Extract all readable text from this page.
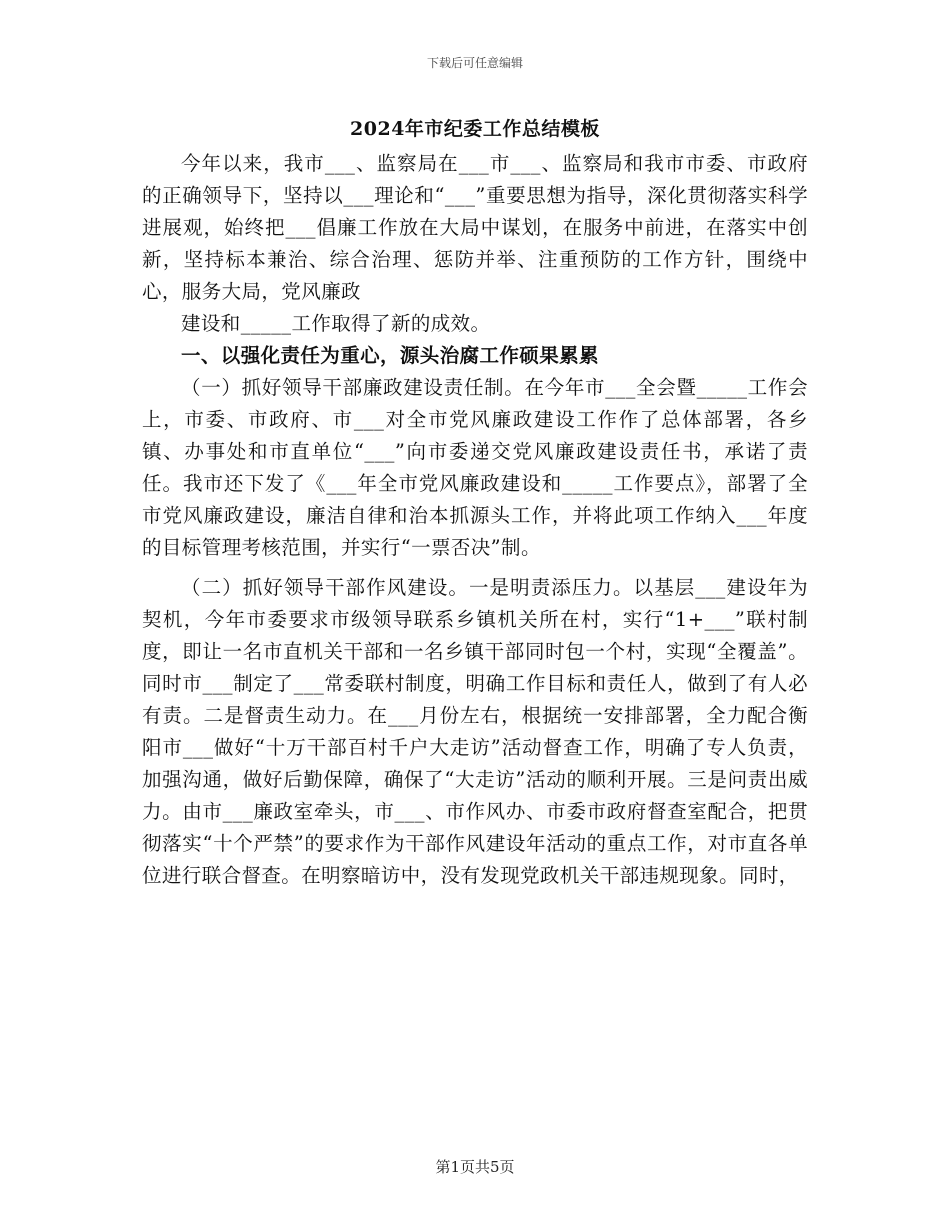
下载后可任意编辑
2024年市纪委工作总结模板

今年以来，我市___、监察局在___市___、监察局和我市市委、市政府的正确领导下，坚持以___理论和“___”重要思想为指导，深化贯彻落实科学进展观，始终把___倡廉工作放在大局中谋划，在服务中前进，在落实中创新，坚持标本兼治、综合治理、惩防并举、注重预防的工作方针，围绕中心，服务大局，党风廉政

建设和_____工作取得了新的成效。

一、以强化责任为重心，源头治腐工作硕果累累

（一）抓好领导干部廉政建设责任制。在今年市___全会暨_____工作会上，市委、市政府、市___对全市党风廉政建设工作作了总体部署，各乡镇、办事处和市直单位“___”向市委递交党风廉政建设责任书，承诺了责任。我市还下发了《___年全市党风廉政建设和_____工作要点》，部署了全市党风廉政建设，廉洁自律和治本抓源头工作，并将此项工作纳入___年度的目标管理考核范围，并实行“一票否决”制。

（二）抓好领导干部作风建设。一是明责添压力。以基层___建设年为契机，今年市委要求市级领导联系乡镇机关所在村，实行“1+___”联村制度，即让一名市直机关干部和一名乡镇干部同时包一个村，实现“全覆盖”。同时市___制定了___常委联村制度，明确工作目标和责任人，做到了有人必有责。二是督责生动力。在___月份左右，根据统一安排部署，全力配合衡阳市___做好“十万干部百村千户大走访”活动督查工作，明确了专人负责，加强沟通，做好后勤保障，确保了“大走访”活动的顺利开展。三是问责出威力。由市___廉政室牵头，市___、市作风办、市委市政府督查室配合，把贯彻落实“十个严禁”的要求作为干部作风建设年活动的重点工作，对市直各单位进行联合督查。在明察暗访中，没有发现党政机关干部违规现象。同时，

第1页共5页
